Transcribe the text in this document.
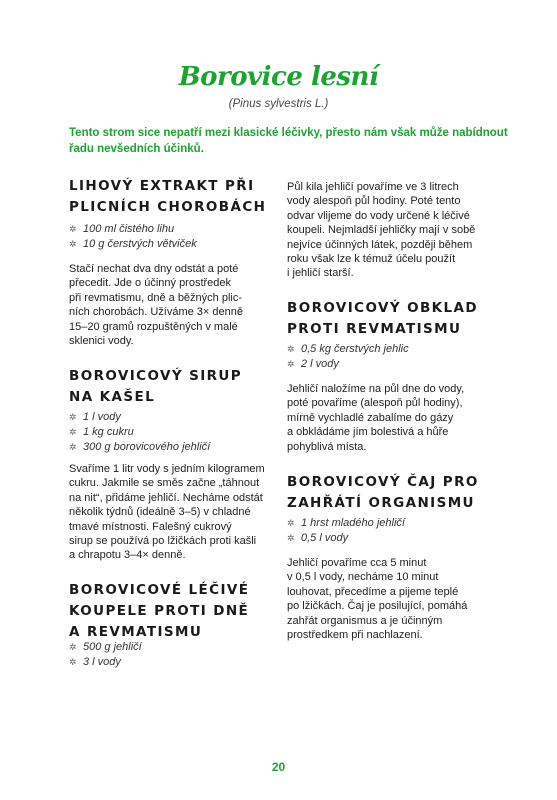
Borovice lesní
(Pinus sylvestris L.)
Tento strom sice nepatří mezi klasické léčivky, přesto nám však může nabídnout
řadu nevšedních účinků.
LIHOVÝ EXTRAKT PŘI
PLICNÍCH CHOROBÁCH
✲ 100 ml čistého lihu
✲ 10 g čerstvých větviček

Stačí nechat dva dny odstát a poté
přecedit. Jde o účinný prostředek
při revmatismu, dně a běžných plic-
ních chorobách. Užíváme 3× denně
15–20 gramů rozpuštěných v malé
sklenici vody.

BOROVICOVÝ SIRUP
NA KAŠEL
✲ 1 l vody
✲ 1 kg cukru
✲ 300 g borovicového jehličí

Svaříme 1 litr vody s jedním kilogramem
cukru. Jakmile se směs začne „táhnout
na nit“, přidáme jehličí. Necháme odstát
několik týdnů (ideálně 3–5) v chladné
tmavé místnosti. Falešný cukrový
sirup se používá po lžičkách proti kašli
a chrapotu 3–4× denně.

BOROVICOVÉ LÉČIVÉ
KOUPELE PROTI DNĚ
A REVMATISMU
✲ 500 g jehličí
✲ 3 l vody

Půl kila jehličí povaříme ve 3 litrech
vody alespoň půl hodiny. Poté tento
odvar vlijeme do vody určené k léčivé
koupeli. Nejmladší jehličky mají v sobě
nejvíce účinných látek, později během
roku však lze k témuž účelu použít
i jehličí starší.

BOROVICOVÝ OBKLAD
PROTI REVMATISMU
✲ 0,5 kg čerstvých jehlic
✲ 2 l vody

Jehličí naložíme na půl dne do vody,
poté povaříme (alespoň půl hodiny),
mírně vychladlé zabalíme do gázy
a obkládáme jím bolestivá a hůře
pohyblivá místa.

BOROVICOVÝ ČAJ PRO
ZAHŘÁTÍ ORGANISMU
✲ 1 hrst mladého jehličí
✲ 0,5 l vody

Jehličí povaříme cca 5 minut
v 0,5 l vody, necháme 10 minut
louhovat, přecedíme a pijeme teplé
po lžičkách. Čaj je posilující, pomáhá
zahřát organismus a je účinným
prostředkem při nachlazení.

20
